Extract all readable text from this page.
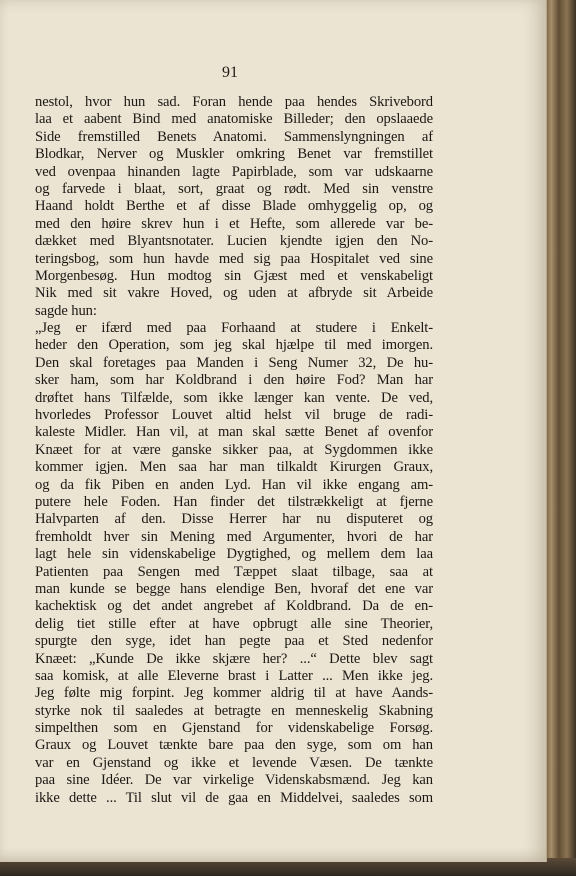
91
nestol, hvor hun sad. Foran hende paa hendes Skrivebord
laa et aabent Bind med anatomiske Billeder; den opslaaede
Side fremstilled Benets Anatomi. Sammenslyngningen af
Blodkar, Nerver og Muskler omkring Benet var fremstillet
ved ovenpaa hinanden lagte Papirblade, som var udskaarne
og farvede i blaat, sort, graat og rødt. Med sin venstre
Haand holdt Berthe et af disse Blade omhyggelig op, og
med den høire skrev hun i et Hefte, som allerede var be-
dækket med Blyantsnotater. Lucien kjendte igjen den No-
teringsbog, som hun havde med sig paa Hospitalet ved sine
Morgenbesøg. Hun modtog sin Gjæst med et venskabeligt
Nik med sit vakre Hoved, og uden at afbryde sit Arbeide
sagde hun:
„Jeg er ifærd med paa Forhaand at studere i Enkelt-
heder den Operation, som jeg skal hjælpe til med imorgen.
Den skal foretages paa Manden i Seng Numer 32, De hu-
sker ham, som har Koldbrand i den høire Fod? Man har
drøftet hans Tilfælde, som ikke længer kan vente. De ved,
hvorledes Professor Louvet altid helst vil bruge de radi-
kaleste Midler. Han vil, at man skal sætte Benet af ovenfor
Knæet for at være ganske sikker paa, at Sygdommen ikke
kommer igjen. Men saa har man tilkaldt Kirurgen Graux,
og da fik Piben en anden Lyd. Han vil ikke engang am-
putere hele Foden. Han finder det tilstrækkeligt at fjerne
Halvparten af den. Disse Herrer har nu disputeret og
fremholdt hver sin Mening med Argumenter, hvori de har
lagt hele sin videnskabelige Dygtighed, og mellem dem laa
Patienten paa Sengen med Tæppet slaat tilbage, saa at
man kunde se begge hans elendige Ben, hvoraf det ene var
kachektisk og det andet angrebet af Koldbrand. Da de en-
delig tiet stille efter at have opbrugt alle sine Theorier,
spurgte den syge, idet han pegte paa et Sted nedenfor
Knæet: „Kunde De ikke skjære her? ...“ Dette blev sagt
saa komisk, at alle Eleverne brast i Latter ... Men ikke jeg.
Jeg følte mig forpint. Jeg kommer aldrig til at have Aands-
styrke nok til saaledes at betragte en menneskelig Skabning
simpelthen som en Gjenstand for videnskabelige Forsøg.
Graux og Louvet tænkte bare paa den syge, som om han
var en Gjenstand og ikke et levende Væsen. De tænkte
paa sine Idéer. De var virkelige Videnskabsmænd. Jeg kan
ikke dette ... Til slut vil de gaa en Middelvei, saaledes som
